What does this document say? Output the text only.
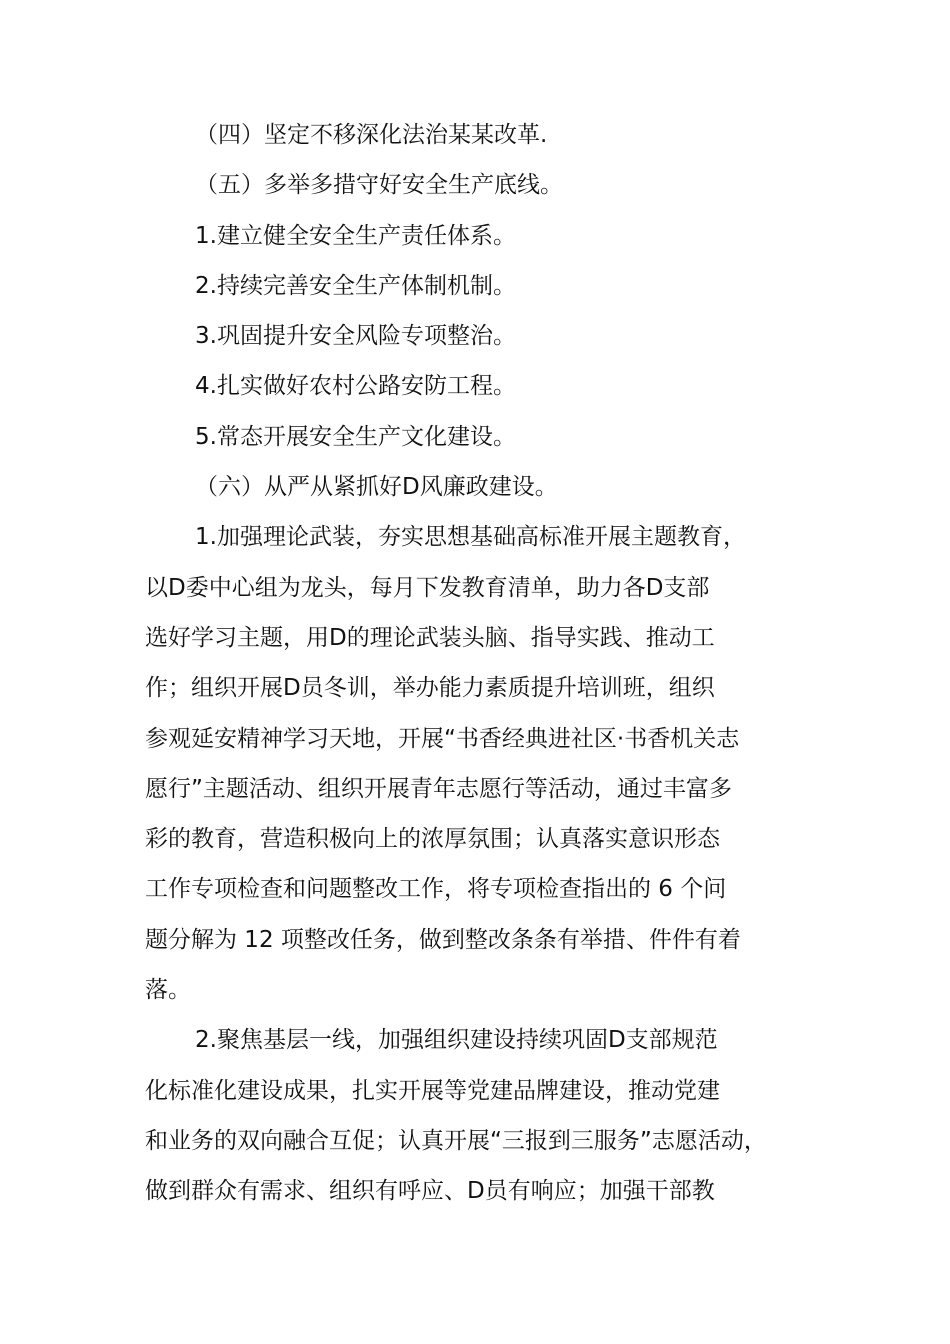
（四）坚定不移深化法治某某改革.
（五）多举多措守好安全生产底线。
1.建立健全安全生产责任体系。
2.持续完善安全生产体制机制。
3.巩固提升安全风险专项整治。
4.扎实做好农村公路安防工程。
5.常态开展安全生产文化建设。
（六）从严从紧抓好D风廉政建设。
1.加强理论武装，夯实思想基础高标准开展主题教育，
以D委中心组为龙头，每月下发教育清单，助力各D支部
选好学习主题，用D的理论武装头脑、指导实践、推动工
作；组织开展D员冬训，举办能力素质提升培训班，组织
参观延安精神学习天地，开展“书香经典进社区·书香机关志
愿行”主题活动、组织开展青年志愿行等活动，通过丰富多
彩的教育，营造积极向上的浓厚氛围；认真落实意识形态
工作专项检查和问题整改工作，将专项检查指出的 6 个问
题分解为 12 项整改任务，做到整改条条有举措、件件有着
落。
2.聚焦基层一线，加强组织建设持续巩固D支部规范
化标准化建设成果，扎实开展等党建品牌建设，推动党建
和业务的双向融合互促；认真开展“三报到三服务”志愿活动，
做到群众有需求、组织有呼应、D员有响应；加强干部教
